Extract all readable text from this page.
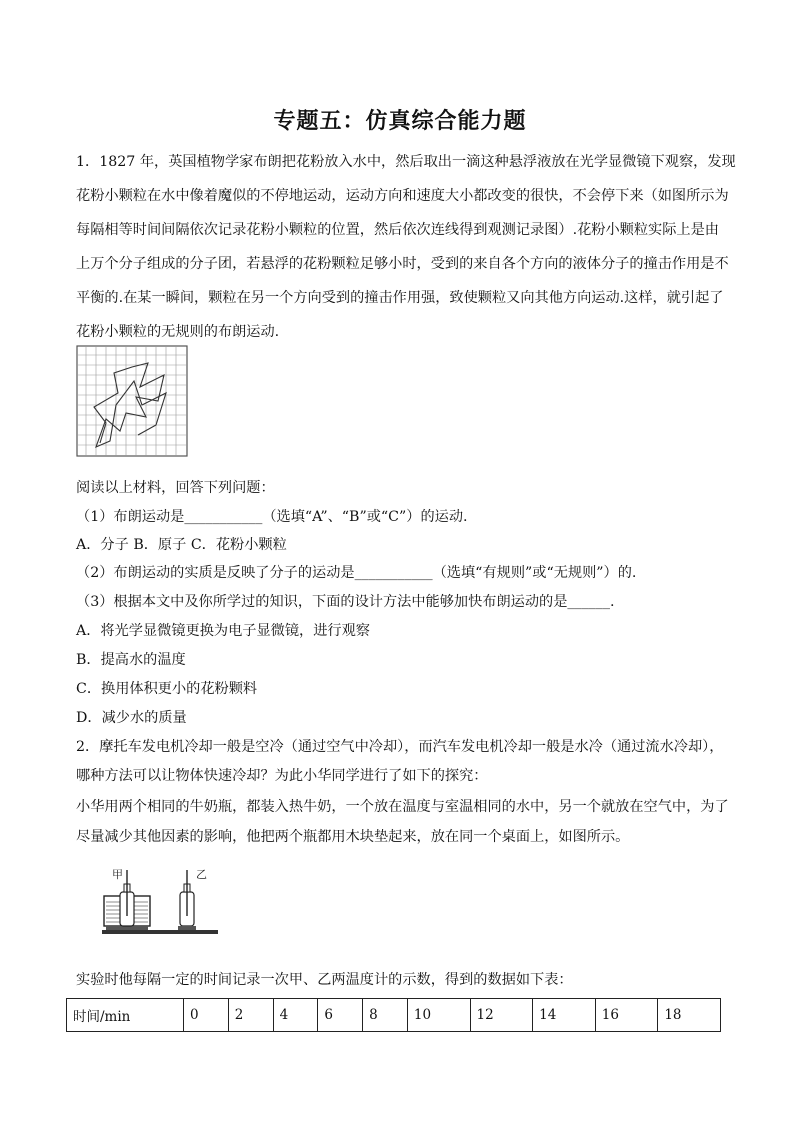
专题五：仿真综合能力题
1．1827 年，英国植物学家布朗把花粉放入水中，然后取出一滴这种悬浮液放在光学显微镜下观察，发现
花粉小颗粒在水中像着魔似的不停地运动，运动方向和速度大小都改变的很快，不会停下来（如图所示为
每隔相等时间间隔依次记录花粉小颗粒的位置，然后依次连线得到观测记录图）.花粉小颗粒实际上是由
上万个分子组成的分子团，若悬浮的花粉颗粒足够小时，受到的来自各个方向的液体分子的撞击作用是不
平衡的.在某一瞬间，颗粒在另一个方向受到的撞击作用强，致使颗粒又向其他方向运动.这样，就引起了
花粉小颗粒的无规则的布朗运动.
阅读以上材料，回答下列问题：
（1）布朗运动是___________（选填“A”、“B”或“C”）的运动.
A．分子 B．原子 C．花粉小颗粒
（2）布朗运动的实质是反映了分子的运动是___________（选填“有规则”或“无规则”）的.
（3）根据本文中及你所学过的知识，下面的设计方法中能够加快布朗运动的是______.
A．将光学显微镜更换为电子显微镜，进行观察
B．提高水的温度
C．换用体积更小的花粉颗料
D．减少水的质量
2．摩托车发电机冷却一般是空冷（通过空气中冷却），而汽车发电机冷却一般是水冷（通过流水冷却），
哪种方法可以让物体快速冷却？为此小华同学进行了如下的探究：
小华用两个相同的牛奶瓶，都装入热牛奶，一个放在温度与室温相同的水中，另一个就放在空气中，为了
尽量减少其他因素的影响，他把两个瓶都用木块垫起来，放在同一个桌面上，如图所示。
甲	乙
实验时他每隔一定的时间记录一次甲、乙两温度计的示数，得到的数据如下表：
时间/min	0	2	4	6	8	10	12	14	16	18
